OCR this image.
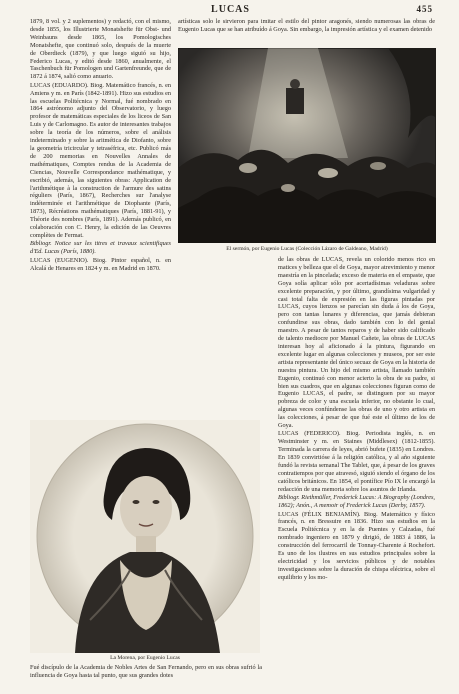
LUCAS	455

1879, 8 vol. y 2 suplementos) y redactó, con el mismo, desde 1855, los Illustrierte Monatshefte für Obst- und Weinbauns desde 1865, los Pomologisches Monatshefte, que continuó solo, después de la muerte de Oberdieck (1879), y que luego siguió su hijo, Federico Lucas, y editó desde 1860, anualmente, el Taschenbuch für Pomologen und Gartenfreunde, que de 1872 á 1874, salió como anuario.

LUCAS (EDUARDO). Biog. Matemático francés, n. en Amiens y m. en París (1842-1891). Hizo sus estudios en las escuelas Politécnica y Normal, fué nombrado en 1864 astrónomo adjunto del Observatorio, y luego profesor de matemáticas especiales de los liceos de San Luis y de Carlomagno. Es autor de interesantes trabajos sobre la teoría de los números, sobre el análisis indeterminado y sobre la aritmética de Diofanto, sobre la geometría tricircular y tetraséfrica, etc. Publicó más de 200 memorias en Nouvelles Annales de mathématiques, Comptes rendus de la Academia de Ciencias, Nouvelle Correspondance mathématique, y escribió, además, las siguientes obras: Application de l'arithmétique à la construction de l'armure des satins réguliers (París, 1867), Recherches sur l'analyse indéterminée et l'arithmétique de Diophante (París, 1873), Récréations mathématiques (París, 1881-91), y Théorie des nombres (París, 1891). Además publicó, en colaboración con C. Henry, la edición de las Oeuvres complètes de Fermat.

Bibliogr. Notice sur les titres et travaux scientifiques d'Ed. Lucas (París, 1880).

LUCAS (EUGENIO). Biog. Pintor español, n. en Alcalá de Henares en 1824 y m. en Madrid en 1870.

artísticas solo le sirvieron para imitar el estilo del pintor aragonés, siendo numerosas las obras de Eugenio Lucas que se han atribuído á Goya. Sin embargo, la impresión artística y el examen detenido

El sermón, por Eugenio Lucas (Colección Lázaro de Galdeano, Madrid)

de las obras de LUCAS, revela un colorido menos rico en matices y belleza que el de Goya, mayor atrevimiento y menor maestría en la pincelada; exceso de materia en el empaste, que Goya solía aplicar sólo por acertadísimas veladuras sobre excelente preparación, y por último, grandísima vulgaridad y casi total falta de expresión en las figuras pintadas por LUCAS, cuyos lienzos se parecían sin duda á los de Goya, pero con tantas lunares y diferencias, que jamás debieran confundirse sus obras, dado también con lo del genial maestro. A pesar de tantos reparos y de haber sido calificado de talento mediocre por Manuel Cañete, las obras de LUCAS interesan hoy al aficionado á la pintura, figurando en excelente lugar en algunas colecciones y museos, por ser este artista representante del único secuaz de Goya en la historia de nuestra pintura. Un hijo del mismo artista, llamado también Eugenio, continuó con menor acierto la obra de su padre, si bien sus cuadros, que en algunas colecciones figuran como de Eugenio LUCAS, el padre, se distinguen por su mayor pobreza de color y una escuela inferior, no obstante lo cual, algunas veces confúndense las obras de uno y otro artista en las colecciones, á pesar de que fué este el último de los de Goya.

LUCAS (FEDERICO). Biog. Periodista inglés, n. en Westminster y m. en Staines (Middlesex) (1812-1855). Terminada la carrera de leyes, abrió bufete (1835) en Londres. En 1839 convirtióse á la religión católica, y al año siguiente fundó la revista semanal The Tablet, que, á pesar de los graves contratiempos por que atravesó, siguió siendo el órgano de los católicos británicos. En 1854, el pontífice Pío IX le encargó la redacción de una memoria sobre los asuntos de Irlanda.

Bibliogr. Riethmüller, Frederick Lucas: A Biography (Londres, 1862); Anón., A memoir of Frederick Lucas (Derby, 1857).

LUCAS (FÉLIX BENJAMÍN). Biog. Matemático y físico francés, n. en Bressuire en 1836. Hizo sus estudios en la Escuela Politécnica y en la de Puentes y Calzadas, fué nombrado ingeniero en 1879 y dirigió, de 1883 á 1886, la construcción del ferrocarril de Tonnay-Charente á Rochefort. Es uno de los ilustres en sus estudios principales sobre la electricidad y los servicios públicos y de notables investigaciones sobre la duración de chispa eléctrica, sobre el equilibrio y los mo-

La Morena, por Eugenio Lucas

Fué discípulo de la Academia de Nobles Artes de San Fernando, pero en sus obras sufrió la influencia de Goya hasta tal punto, que sus grandes dotes
